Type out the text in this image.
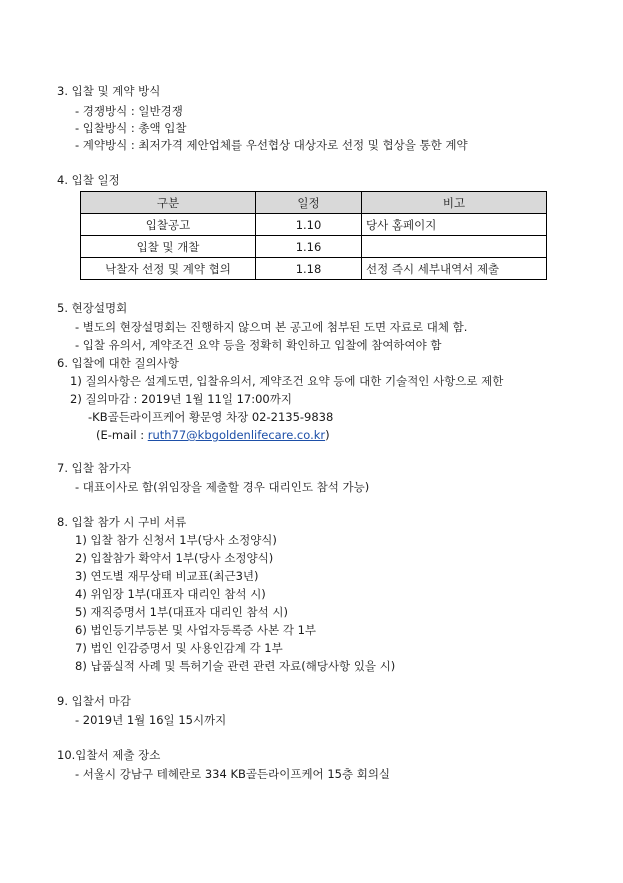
3. 입찰 및 계약 방식
- 경쟁방식 : 일반경쟁
- 입찰방식 : 총액 입찰
- 계약방식 : 최저가격 제안업체를 우선협상 대상자로 선정 및 협상을 통한 계약
4. 입찰 일정
구분	일정	비고
입찰공고	1.10	당사 홈페이지
입찰 및 개찰	1.16	
낙찰자 선정 및 계약 협의	1.18	선정 즉시 세부내역서 제출
5. 현장설명회
- 별도의 현장설명회는 진행하지 않으며 본 공고에 첨부된 도면 자료로 대체 함.
- 입찰 유의서, 계약조건 요약 등을 정확히 확인하고 입찰에 참여하여야 함
6. 입찰에 대한 질의사항
1) 질의사항은 설계도면, 입찰유의서, 계약조건 요약 등에 대한 기술적인 사항으로 제한
2) 질의마감 : 2019년 1월 11일 17:00까지
-KB골든라이프케어 황문영 차장 02-2135-9838
(E-mail : ruth77@kbgoldenlifecare.co.kr)
7. 입찰 참가자
- 대표이사로 함(위임장을 제출할 경우 대리인도 참석 가능)
8. 입찰 참가 시 구비 서류
1) 입찰 참가 신청서 1부(당사 소정양식)
2) 입찰참가 확약서 1부(당사 소정양식)
3) 연도별 재무상태 비교표(최근3년)
4) 위임장 1부(대표자 대리인 참석 시)
5) 재직증명서 1부(대표자 대리인 참석 시)
6) 법인등기부등본 및 사업자등록증 사본 각 1부
7) 법인 인감증명서 및 사용인감계 각 1부
8) 납품실적 사례 및 특허기술 관련 관련 자료(해당사항 있을 시)
9. 입찰서 마감
- 2019년 1월 16일 15시까지
10.입찰서 제출 장소
- 서울시 강남구 테헤란로 334 KB골든라이프케어 15층 회의실
